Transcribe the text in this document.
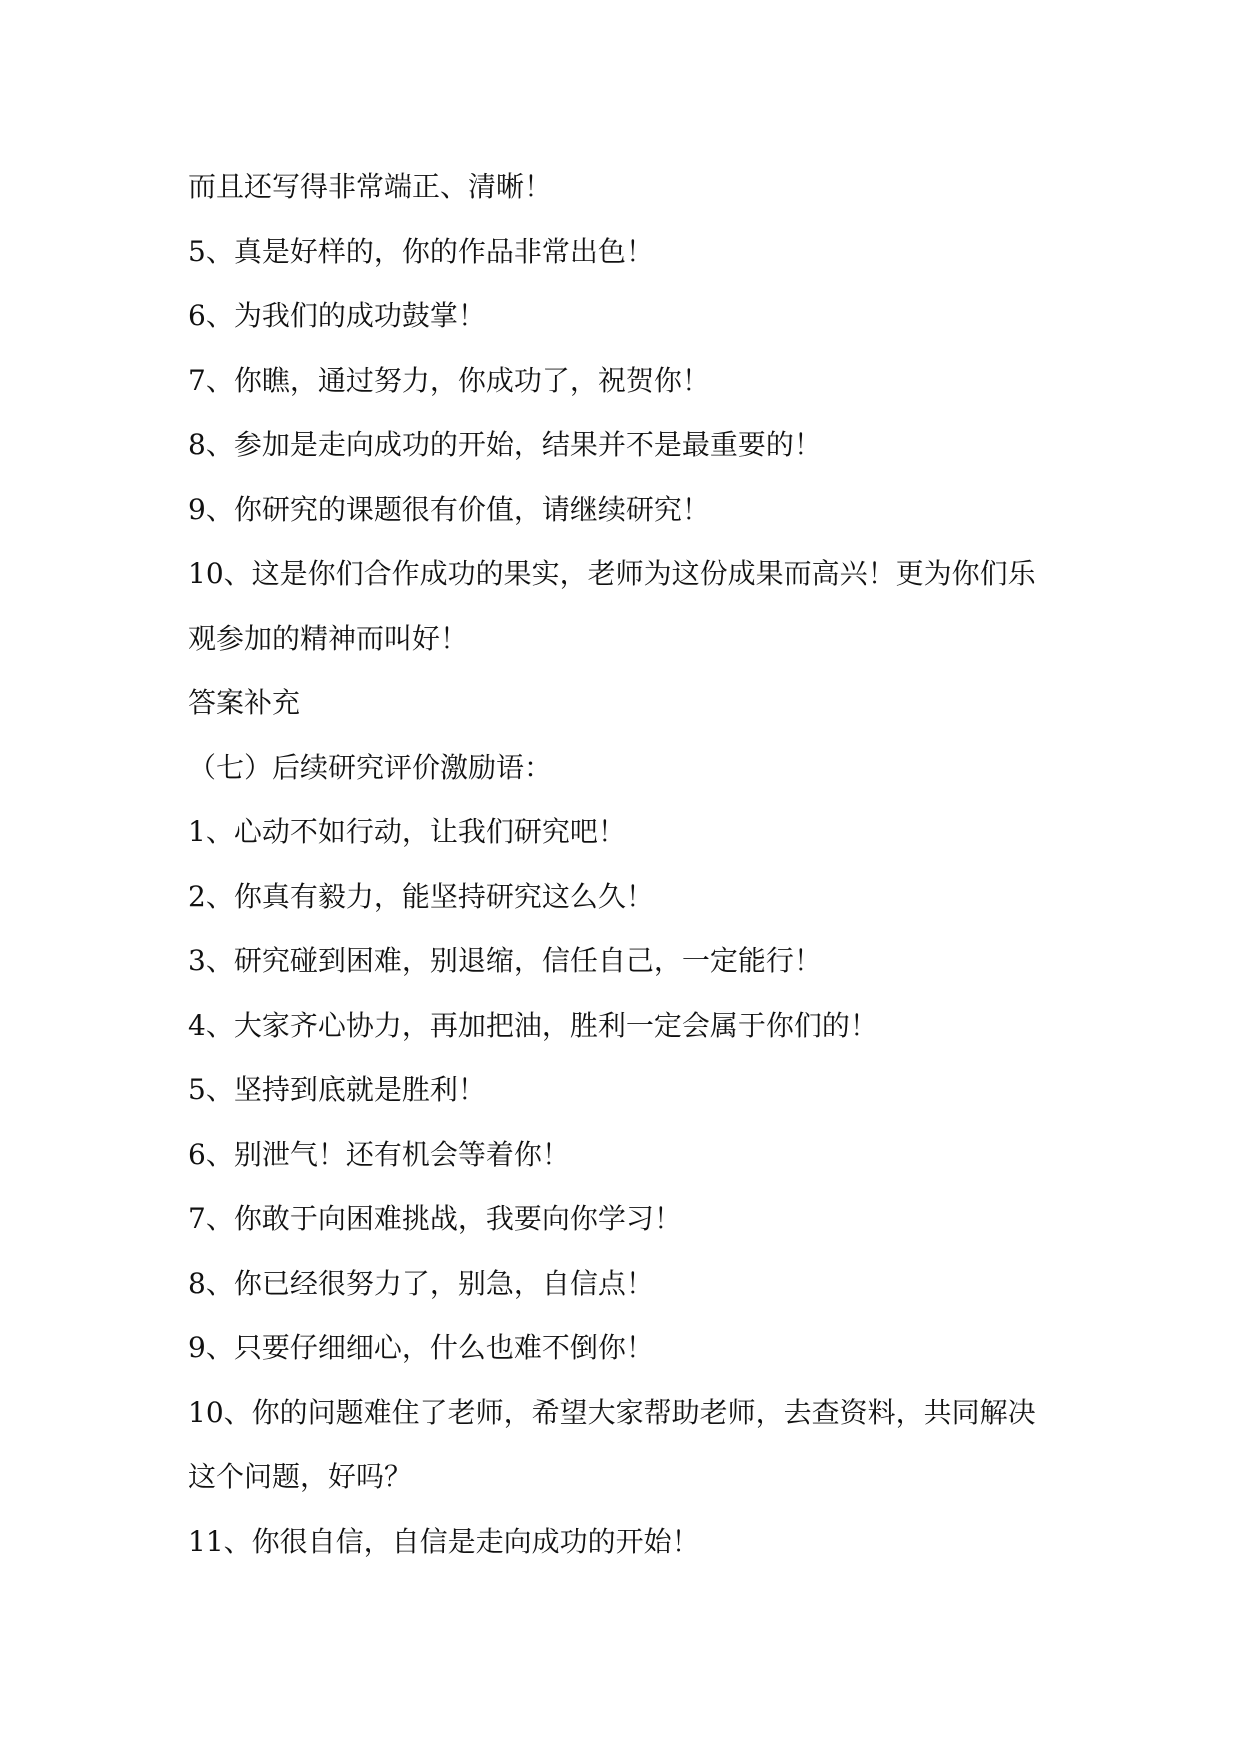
而且还写得非常端正、清晰！

5、真是好样的，你的作品非常出色！

6、为我们的成功鼓掌！

7、你瞧，通过努力，你成功了，祝贺你！

8、参加是走向成功的开始，结果并不是最重要的！

9、你研究的课题很有价值，请继续研究！

10、这是你们合作成功的果实，老师为这份成果而高兴！更为你们乐

观参加的精神而叫好！

答案补充

（七）后续研究评价激励语：

1、心动不如行动，让我们研究吧！

2、你真有毅力，能坚持研究这么久！

3、研究碰到困难，别退缩，信任自己，一定能行！

4、大家齐心协力，再加把油，胜利一定会属于你们的！

5、坚持到底就是胜利！

6、别泄气！还有机会等着你！

7、你敢于向困难挑战，我要向你学习！

8、你已经很努力了，别急，自信点！

9、只要仔细细心，什么也难不倒你！

10、你的问题难住了老师，希望大家帮助老师，去查资料，共同解决

这个问题，好吗？

11、你很自信，自信是走向成功的开始！
